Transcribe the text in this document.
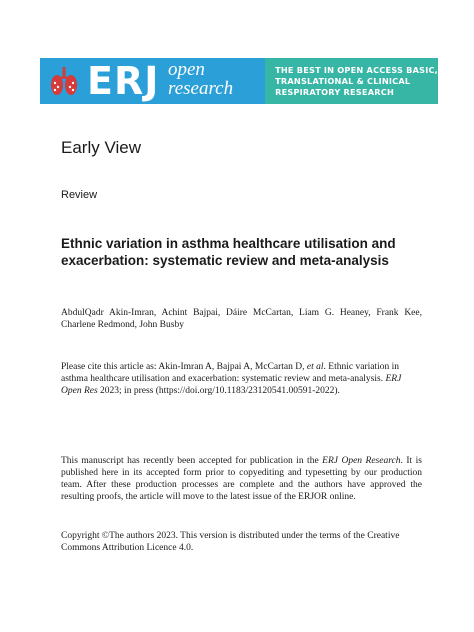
ERJ open
research
THE BEST IN OPEN ACCESS BASIC,
TRANSLATIONAL & CLINICAL
RESPIRATORY RESEARCH
Early View
Review
Ethnic variation in asthma healthcare utilisation and exacerbation: systematic review and meta-analysis
AbdulQadr Akin-Imran, Achint Bajpai, Dáire McCartan, Liam G. Heaney, Frank Kee, Charlene Redmond, John Busby
Please cite this article as: Akin-Imran A, Bajpai A, McCartan D, et al. Ethnic variation in asthma healthcare utilisation and exacerbation: systematic review and meta-analysis. ERJ Open Res 2023; in press (https://doi.org/10.1183/23120541.00591-2022).
This manuscript has recently been accepted for publication in the ERJ Open Research. It is published here in its accepted form prior to copyediting and typesetting by our production team. After these production processes are complete and the authors have approved the resulting proofs, the article will move to the latest issue of the ERJOR online.
Copyright ©The authors 2023. This version is distributed under the terms of the Creative Commons Attribution Licence 4.0.
